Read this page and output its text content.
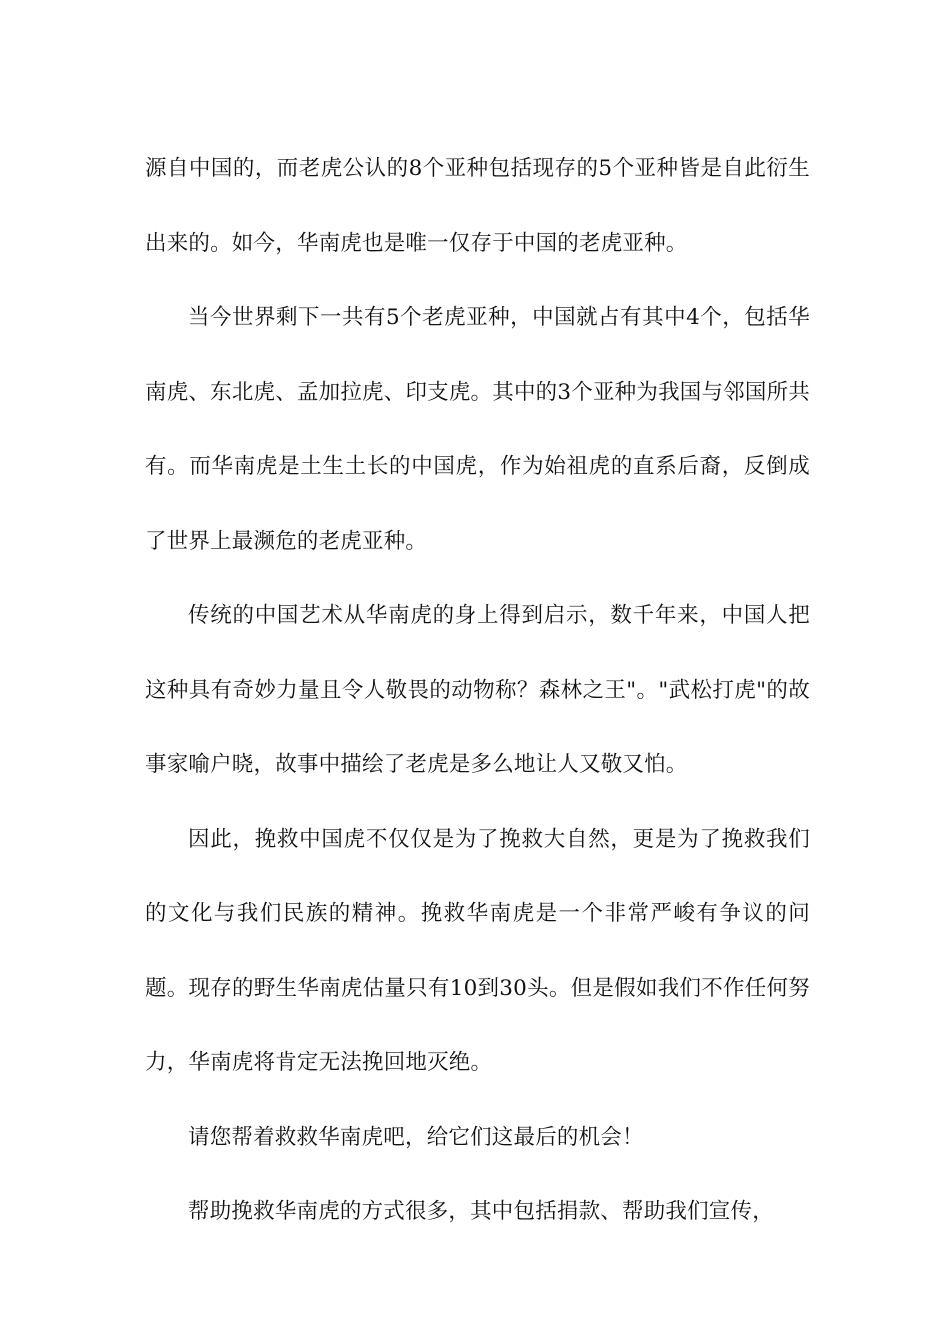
源自中国的，而老虎公认的8个亚种包括现存的5个亚种皆是自此衍生出来的。如今，华南虎也是唯一仅存于中国的老虎亚种。

当今世界剩下一共有5个老虎亚种，中国就占有其中4个，包括华南虎、东北虎、孟加拉虎、印支虎。其中的3个亚种为我国与邻国所共有。而华南虎是土生土长的中国虎，作为始祖虎的直系后裔，反倒成了世界上最濒危的老虎亚种。

传统的中国艺术从华南虎的身上得到启示，数千年来，中国人把这种具有奇妙力量且令人敬畏的动物称？森林之王"。"武松打虎"的故事家喻户晓，故事中描绘了老虎是多么地让人又敬又怕。

因此，挽救中国虎不仅仅是为了挽救大自然，更是为了挽救我们的文化与我们民族的精神。挽救华南虎是一个非常严峻有争议的问题。现存的野生华南虎估量只有10到30头。但是假如我们不作任何努力，华南虎将肯定无法挽回地灭绝。

请您帮着救救华南虎吧，给它们这最后的机会！

帮助挽救华南虎的方式很多，其中包括捐款、帮助我们宣传，
